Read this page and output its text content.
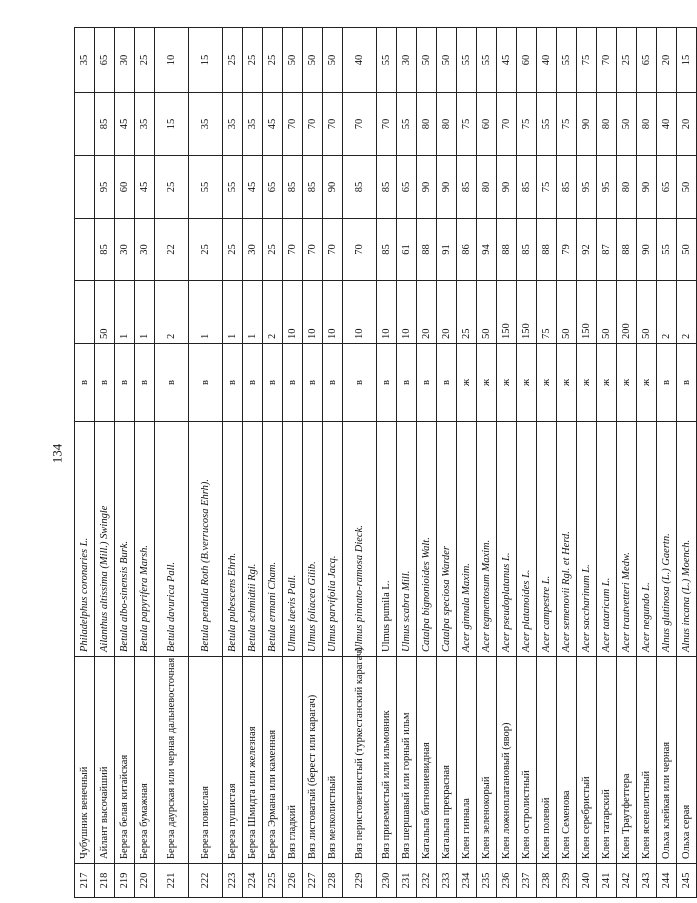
134
217	Чубушник венечный	Philadelphus coronaries L.	в					35
218	Айлант высочайший	Ailanthus altissima (Mill.) Swingle	в	50	85	95	85	65
219	Береза белая китайская	Betula albo-sinensis Burk.	в	1	30	60	45	30
220	Береза бумажная	Betula papyrifera Marsh.	в	1	30	45	35	25
221	Береза даурская или черная дальневосточная	Betula davurica Pall.	в	2	22	25	15	10
222	Береза повислая	Betula pendula Roth (B.verrucosa Ehrh).	в	1	25	55	35	15
223	Береза пушистая	Betula pubescens Ehrh.	в	1	25	55	35	25
224	Береза Шмидта или железная	Betula schmidtii Rgl.	в	1	30	45	35	25
225	Береза Эрмана или каменная	Betula ermani Cham.	в	2	25	65	45	25
226	Вяз гладкий	Ulmus laevis Pall.	в	10	70	85	70	50
227	Вяз листоватый (берест или карагач)	Ulmus foliacea Gilib.	в	10	70	85	70	50
228	Вяз мелколистный	Ulmus parvifolia Jacq.	в	10	70	90	70	50
229	Вяз перистоветвистый (туркестанский карагач)	Ulmus pinnato-ramosa Dieck.	в	10	70	85	70	40
230	Вяз приземистый или ильмовник	Ulmus pumila L.	в	10	85	85	70	55
231	Вяз шершавый или горный ильм	Ulmus scabra Mill.	в	10	61	65	55	30
232	Катальпа бигнониевидная	Catalpa bignonioides Walt.	в	20	88	90	80	50
233	Катальпа прекрасная	Catalpa speciosa Warder	в	20	91	90	80	50
234	Клен гиннала	Acer ginnala Maxim.	ж	25	86	85	75	55
235	Клен зеленокорый	Acer tegmentosum Maxim.	ж	50	94	80	60	55
236	Клен ложноплатановый (явор)	Acer pseudoplatanus L.	ж	150	88	90	70	45
237	Клен остролистный	Acer platanoides L.	ж	150	85	85	75	60
238	Клен полевой	Acer campestre L.	ж	75	88	75	55	40
239	Клен Семенова	Acer semenovii Rgl. et Herd.	ж	50	79	85	75	55
240	Клен серебристый	Acer saccharinum L.	ж	150	92	95	90	75
241	Клен татарский	Acer tataricum L.	ж	50	87	95	80	70
242	Клен Траутфеттера	Acer trautvetteri Medw.	ж	200	88	80	50	25
243	Клен ясенелистный	Acer negundo L.	ж	50	90	90	80	65
244	Ольха клейкая или черная	Alnus glutinosa (L.) Gaertn.	в	2	55	65	40	20
245	Ольха серая	Alnus incana (L.) Moench.	в	2	50	50	20	15
